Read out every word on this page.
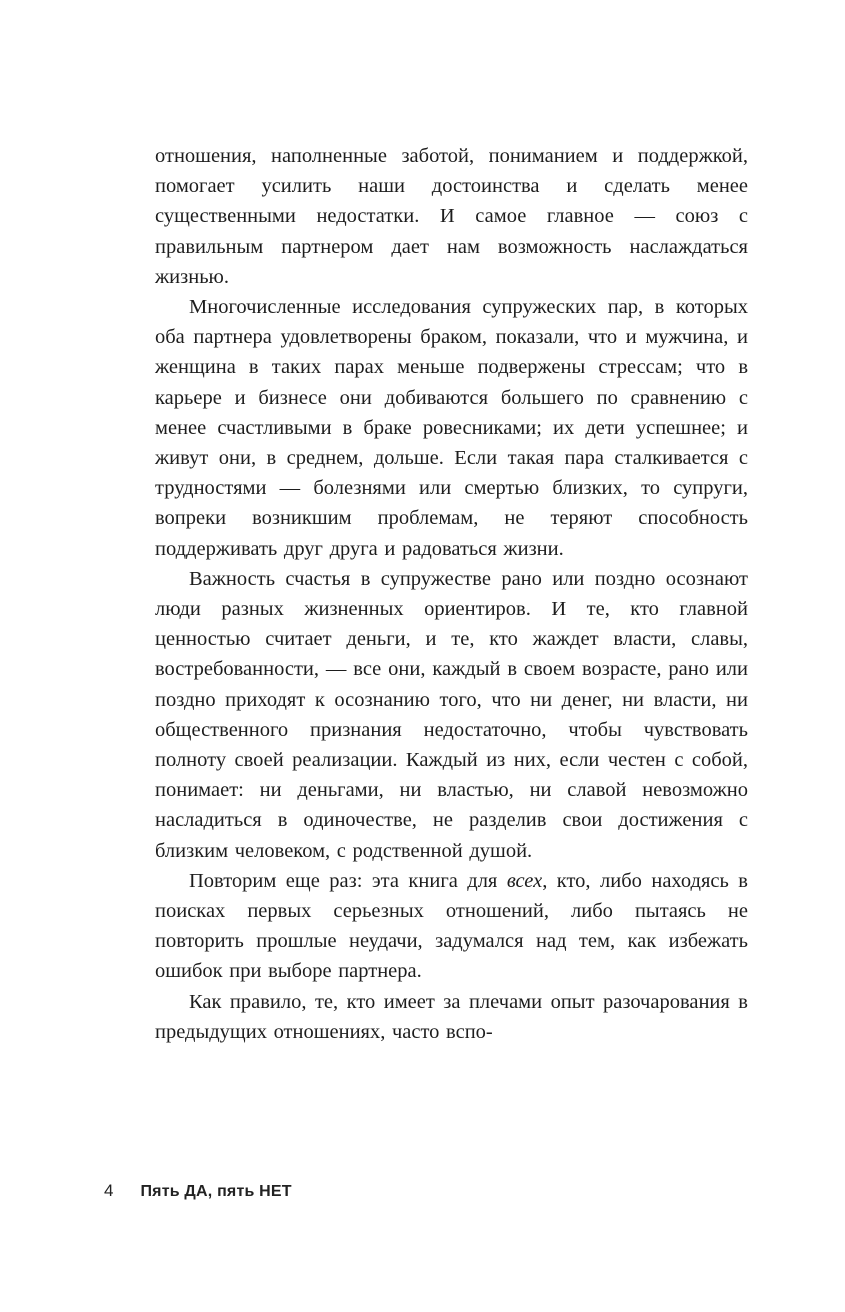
отношения, наполненные заботой, пониманием и поддержкой, помогает усилить наши достоинства и сделать менее существенными недостатки. И самое главное — союз с правильным партнером дает нам возможность наслаждаться жизнью.

Многочисленные исследования супружеских пар, в которых оба партнера удовлетворены браком, показали, что и мужчина, и женщина в таких парах меньше подвержены стрессам; что в карьере и бизнесе они добиваются большего по сравнению с менее счастливыми в браке ровесниками; их дети успешнее; и живут они, в среднем, дольше. Если такая пара сталкивается с трудностями — болезнями или смертью близких, то супруги, вопреки возникшим проблемам, не теряют способность поддерживать друг друга и радоваться жизни.

Важность счастья в супружестве рано или поздно осознают люди разных жизненных ориентиров. И те, кто главной ценностью считает деньги, и те, кто жаждет власти, славы, востребованности, — все они, каждый в своем возрасте, рано или поздно приходят к осознанию того, что ни денег, ни власти, ни общественного признания недостаточно, чтобы чувствовать полноту своей реализации. Каждый из них, если честен с собой, понимает: ни деньгами, ни властью, ни славой невозможно насладиться в одиночестве, не разделив свои достижения с близким человеком, с родственной душой.

Повторим еще раз: эта книга для всех, кто, либо находясь в поисках первых серьезных отношений, либо пытаясь не повторить прошлые неудачи, задумался над тем, как избежать ошибок при выборе партнера.

Как правило, те, кто имеет за плечами опыт разочарования в предыдущих отношениях, часто вспо-

4 Пять ДА, пять НЕТ
